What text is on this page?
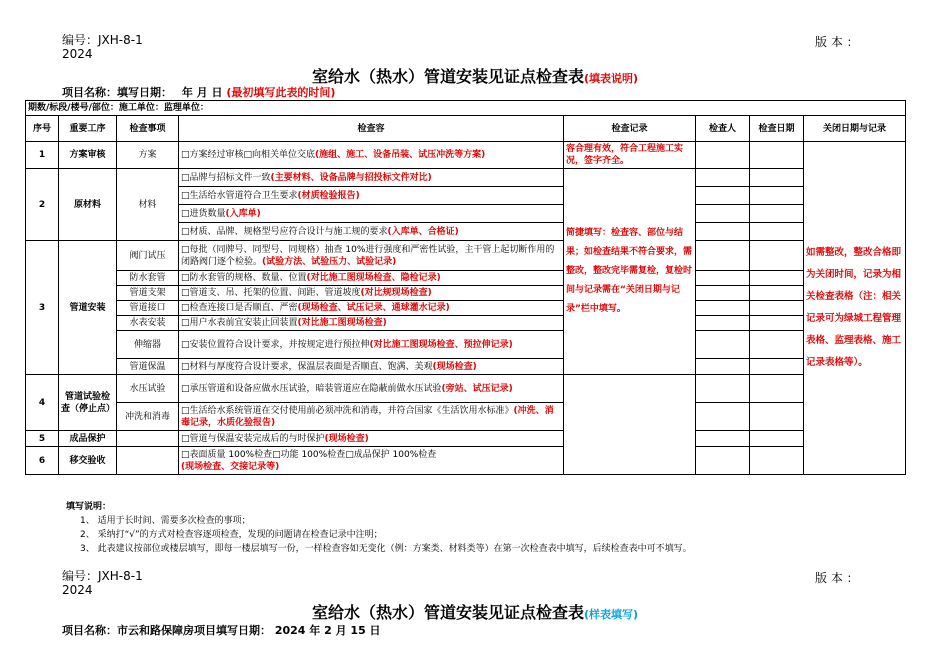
编号：JXH-8-1
2024
版 本 ：
室给水（热水）管道安装见证点检查表(填表说明)
项目名称：填写日期： 年 月 日 (最初填写此表的时间)
期数/标段/楼号/部位：施工单位：监理单位：							
序号	重要工序	检查事项	检查容	检查记录	检查人	检查日期	关闭日期与记录
1	方案审核	方案	□方案经过审核□向相关单位交底(施组、施工、设备吊装、试压冲洗等方案)	容合理有效，符合工程施工实况，签字齐全。			如需整改，整改合格即为关闭时间，记录为相关检查表格（注：相关记录可为绿城工程管理表格、监理表格、施工记录表格等）。
2	原材料	材料	□品牌与招标文件一致(主要材料、设备品牌与招投标文件对比)	简捷填写：检查容、部位与结果；如检查结果不符合要求，需整改，整改完毕需复检，复检时间与记录需在“关闭日期与记录”栏中填写。			
			□生活给水管道符合卫生要求(材质检验报告)				
			□进货数量(入库单)				
			□材质、品牌、规格型号应符合设计与施工规的要求(入库单、合格证)				
3	管道安装	阀门试压	□每批（同牌号、同型号、同规格）抽查 10%进行强度和严密性试验，主干管上起切断作用的闭路阀门逐个检验。(试验方法、试验压力、试验记录)				
		防水套管	□防水套管的规格、数量、位置(对比施工图现场检查、隐检记录)				
		管道支架	□管道支、吊、托架的位置、间距、管道坡度(对比规现场检查)				
		管道接口	□检查连接口是否顺直、严密(现场检查、试压记录、通球灌水记录)				
		水表安装	□用户水表前宜安装止回装置(对比施工图现场检查)				
		伸缩器	□安装位置符合设计要求，并按规定进行预拉伸(对比施工图现场检查、预拉伸记录)				
		管道保温	□材料与厚度符合设计要求，保温层表面是否顺直、饱满、美观(现场检查)				
4	管道试验检查（停止点）	水压试验	□承压管道和设备应做水压试验，暗装管道应在隐蔽前做水压试验(旁站、试压记录)				
		冲洗和消毒	□生活给水系统管道在交付使用前必须冲洗和消毒，并符合国家《生活饮用水标准》(冲洗、消毒记录，水质化验报告)				
5	成品保护		□管道与保温安装完成后的与时保护(现场检查)				
6	移交验收		□表面质量 100%检查□功能 100%检查□成品保护 100%检查
(现场检查、交接记录等)				
填写说明：
1、 适用于长时间、需要多次检查的事项；
2、 采纳打“√”的方式对检查容逐项检查，发现的问题请在检查记录中注明；
3、 此表建议按部位或楼层填写，即每一楼层填写一份，一样检查容如无变化（例：方案类、材料类等）在第一次检查表中填写，后续检查表中可不填写。
编号：JXH-8-1
2024
版 本 ：
室给水（热水）管道安装见证点检查表(样表填写)
项目名称：市云和路保障房项目填写日期： 2024 年 2 月 15 日
